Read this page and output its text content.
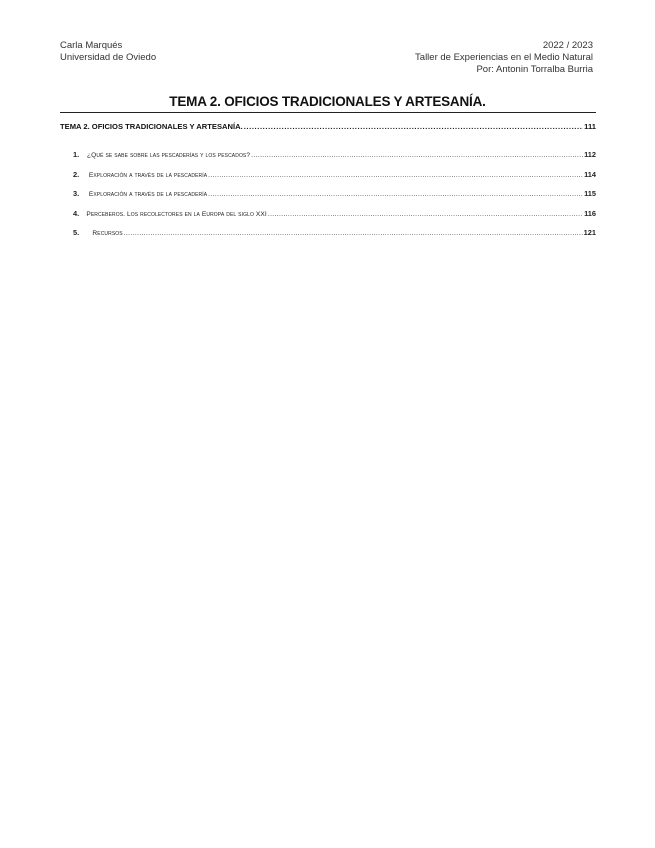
Carla Marqués
Universidad de Oviedo
2022 / 2023
Taller de Experiencias en el Medio Natural
Por: Antonin Torralba Burria
TEMA 2. OFICIOS TRADICIONALES Y ARTESANÍA.
TEMA 2. OFICIOS TRADICIONALES Y ARTESANÍA. .....	111
1.	¿Qué se sabe sobre las pescaderías y los pescados? .....	112
2.	Exploración a través de la pescadería .....	114
3.	Exploración a través de la pescadería .....	115
4.	Perceberos. Los recolectores en la Europa del siglo XXI .....	116
5.	Recursos .....	121
